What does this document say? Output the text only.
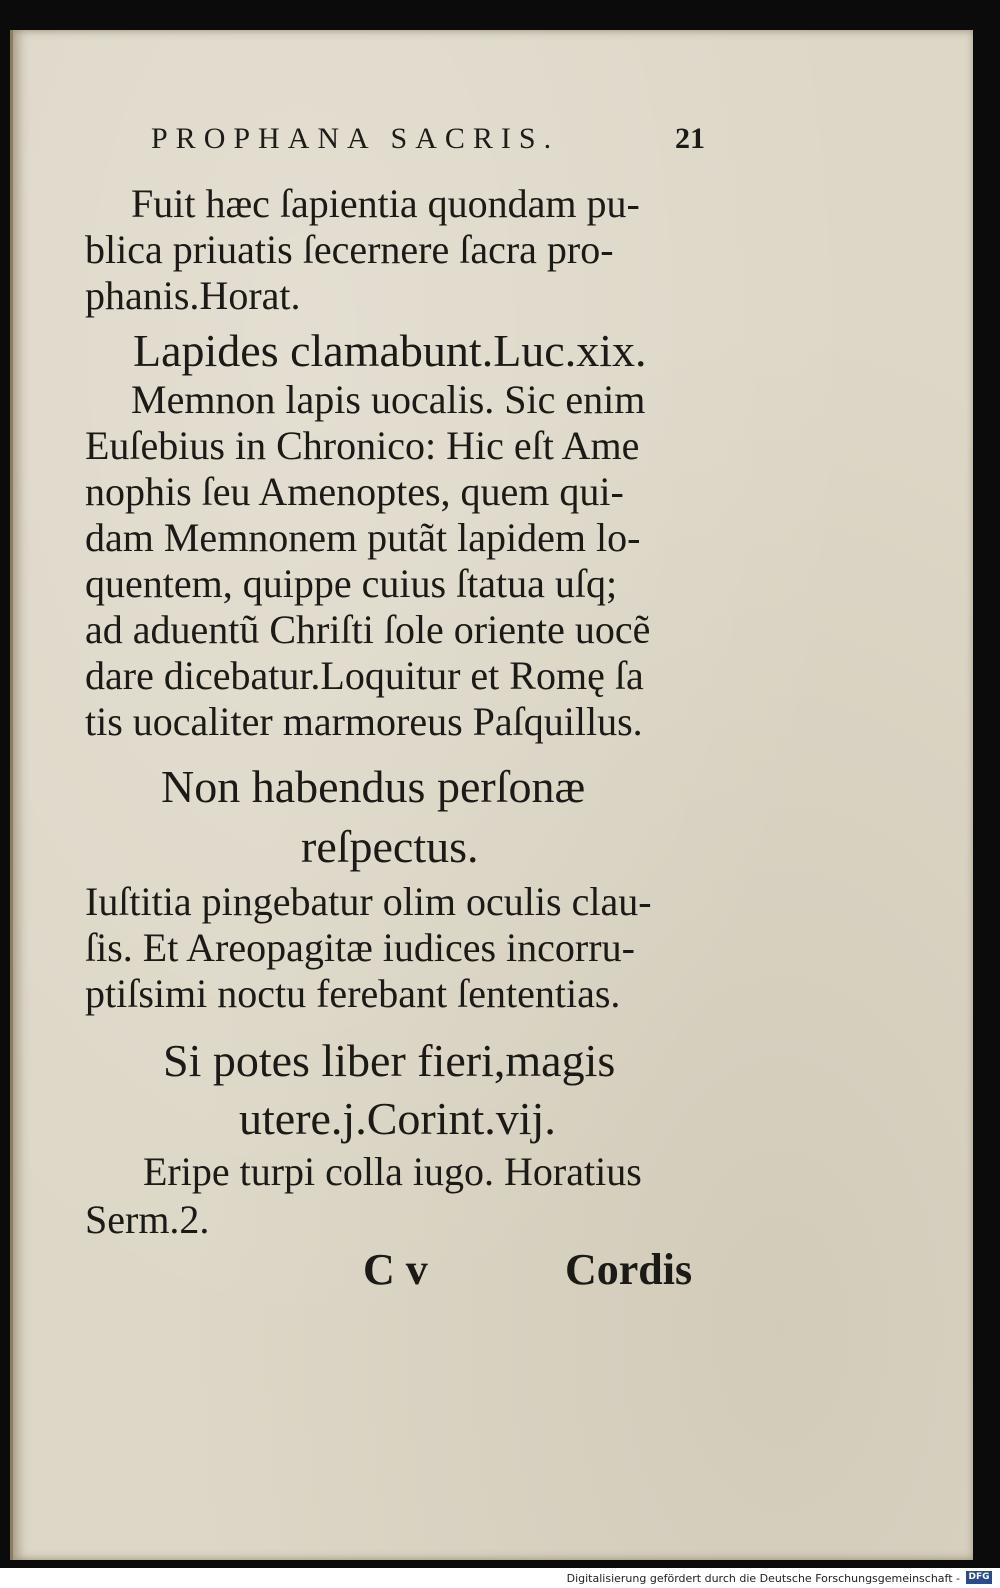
PROPHANA SACRIS.	21
Fuit hæc ſapientia quondam pu-
blica priuatis ſecernere ſacra pro-
phanis.Horat.
Lapides clamabunt.Luc.xix.
Memnon lapis uocalis. Sic enim
Euſebius in Chronico: Hic eſt Ame
nophis ſeu Amenoptes, quem qui-
dam Memnonem putãt lapidem lo-
quentem, quippe cuius ſtatua uſq;
ad aduentũ Chriſti ſole oriente uocẽ
dare dicebatur.Loquitur et Romę ſa
tis uocaliter marmoreus Paſquillus.
Non habendus perſonæ
reſpectus.
Iuſtitia pingebatur olim oculis clau-
ſis. Et Areopagitæ iudices incorru-
ptiſsimi noctu ferebant ſententias.
Si potes liber fieri,magis
utere.j.Corint.vij.
Eripe turpi colla iugo. Horatius
Serm.2.
C v	Cordis
Digitalisierung gefördert durch die Deutsche Forschungsgemeinschaft - DFG
